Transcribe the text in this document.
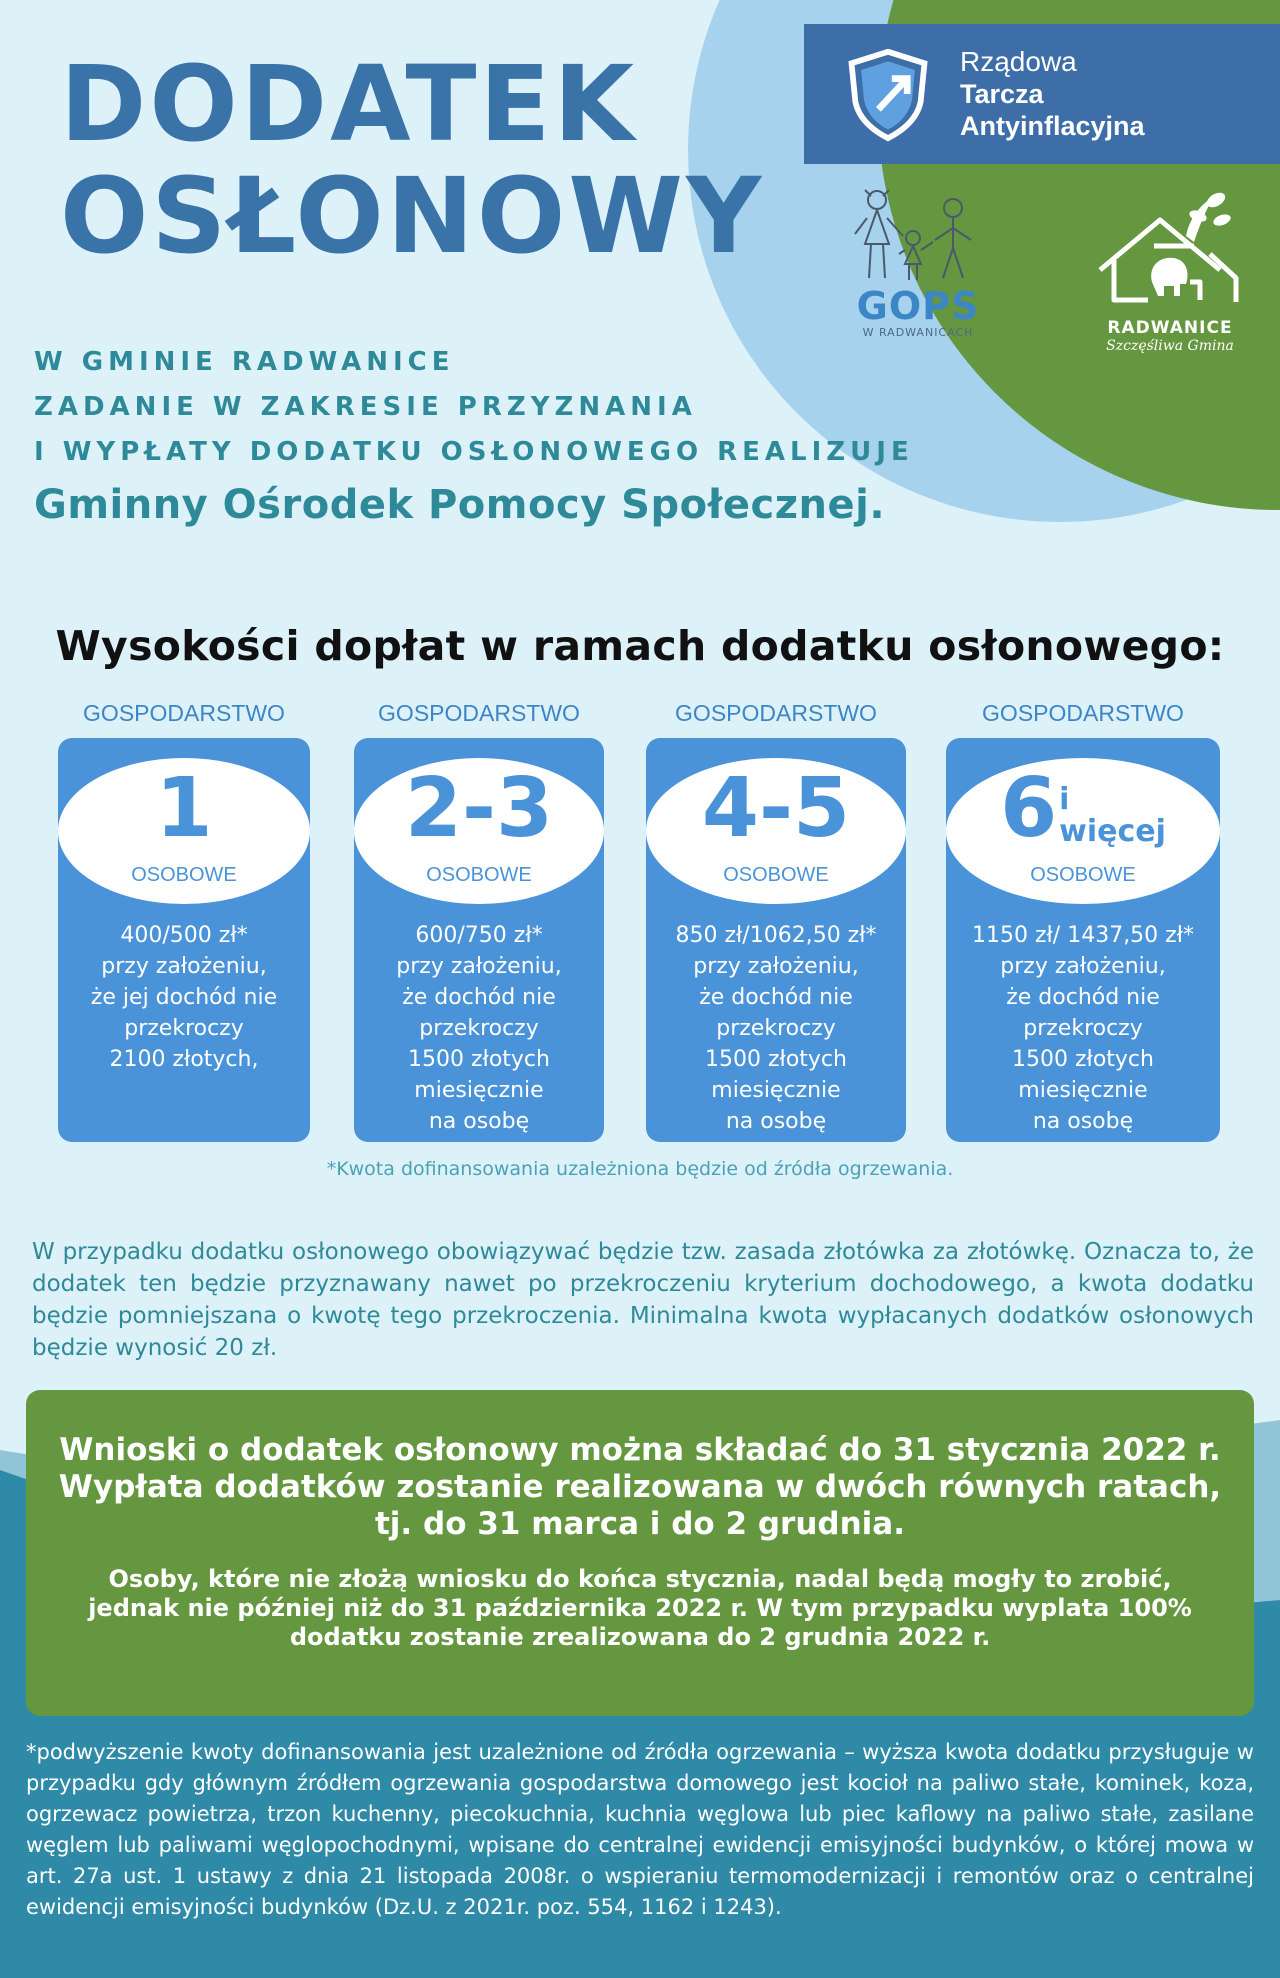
DODATEK
OSŁONOWY
Rządowa
Tarcza
Antyinflacyjna
GOPS
W RADWANICACH	RADWANICE
Szczęśliwa Gmina
W GMINIE RADWANICE
ZADANIE W ZAKRESIE PRZYZNANIA
I WYPŁATY DODATKU OSŁONOWEGO REALIZUJE
Gminny Ośrodek Pomocy Społecznej.
Wysokości dopłat w ramach dodatku osłonowego:
GOSPODARSTWO
1
OSOBOWE
400/500 zł*
przy założeniu,
że jej dochód nie
przekroczy
2100 złotych,
GOSPODARSTWO
2-3
OSOBOWE
600/750 zł*
przy założeniu,
że dochód nie
przekroczy
1500 złotych
miesięcznie
na osobę
GOSPODARSTWO
4-5
OSOBOWE
850 zł/1062,50 zł*
przy założeniu,
że dochód nie
przekroczy
1500 złotych
miesięcznie
na osobę
GOSPODARSTWO
6 i
więcej
OSOBOWE
1150 zł/ 1437,50 zł*
przy założeniu,
że dochód nie
przekroczy
1500 złotych
miesięcznie
na osobę
*Kwota dofinansowania uzależniona będzie od źródła ogrzewania.
W przypadku dodatku osłonowego obowiązywać będzie tzw. zasada złotówka za złotówkę. Oznacza to, że dodatek ten będzie przyznawany nawet po przekroczeniu kryterium dochodowego, a kwota dodatku będzie pomniejszana o kwotę tego przekroczenia. Minimalna kwota wypłacanych dodatków osłonowych będzie wynosić 20 zł.
Wnioski o dodatek osłonowy można składać do 31 stycznia 2022 r.
Wypłata dodatków zostanie realizowana w dwóch równych ratach,
tj. do 31 marca i do 2 grudnia.
Osoby, które nie złożą wniosku do końca stycznia, nadal będą mogły to zrobić,
jednak nie później niż do 31 października 2022 r. W tym przypadku wyplata 100%
dodatku zostanie zrealizowana do 2 grudnia 2022 r.
*podwyższenie kwoty dofinansowania jest uzależnione od źródła ogrzewania – wyższa kwota dodatku przysługuje w przypadku gdy głównym źródłem ogrzewania gospodarstwa domowego jest kocioł na paliwo stałe, kominek, koza, ogrzewacz powietrza, trzon kuchenny, piecokuchnia, kuchnia węglowa lub piec kaflowy na paliwo stałe, zasilane węglem lub paliwami węglopochodnymi, wpisane do centralnej ewidencji emisyjności budynków, o której mowa w art. 27a ust. 1 ustawy z dnia 21 listopada 2008r. o wspieraniu termomodernizacji i remontów oraz o centralnej ewidencji emisyjności budynków (Dz.U. z 2021r. poz. 554, 1162 i 1243).
